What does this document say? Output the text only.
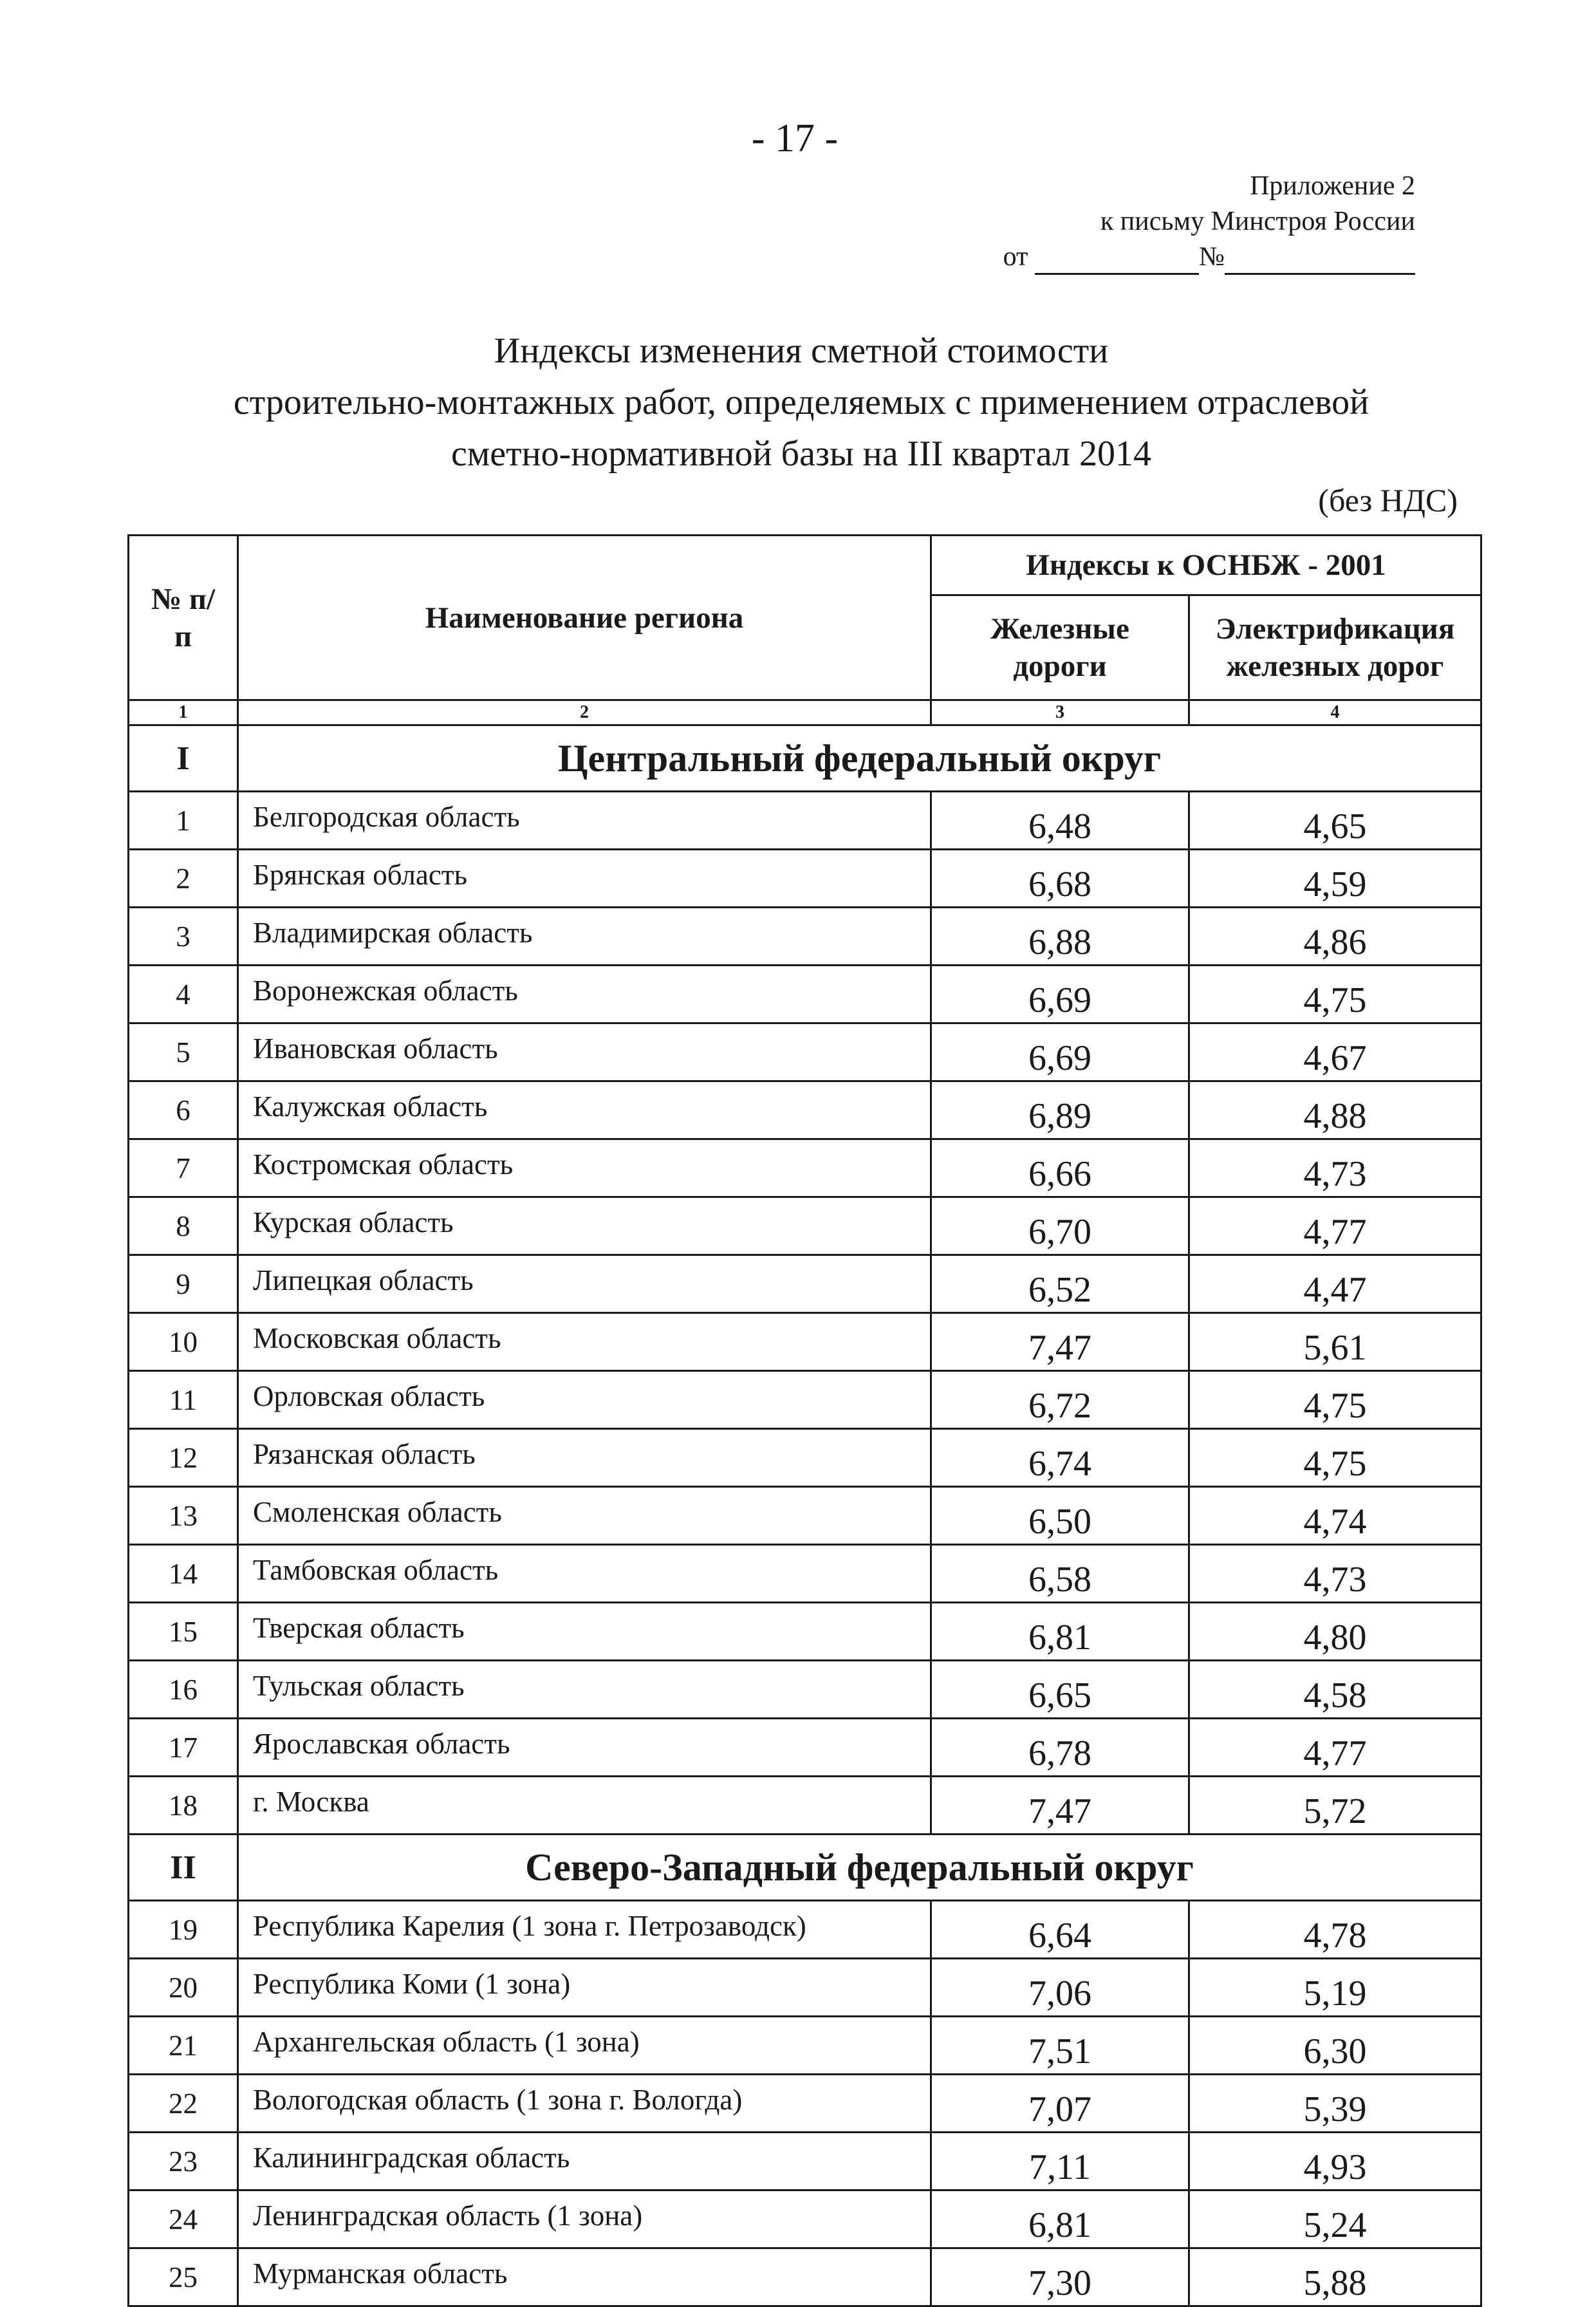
- 17 -
Приложение 2
к письму Минстроя России
от	№
Индексы изменения сметной стоимости
строительно-монтажных работ, определяемых с применением отраслевой
сметно-нормативной базы на III квартал 2014
(без НДС)
№ п/п	Наименование региона	Индексы к ОСНБЖ - 2001	
		Железные дороги	Электрификация железных дорог
1	2	3	4
I	Центральный федеральный округ		
1	Белгородская область	6,48	4,65
2	Брянская область	6,68	4,59
3	Владимирская область	6,88	4,86
4	Воронежская область	6,69	4,75
5	Ивановская область	6,69	4,67
6	Калужская область	6,89	4,88
7	Костромская область	6,66	4,73
8	Курская область	6,70	4,77
9	Липецкая область	6,52	4,47
10	Московская область	7,47	5,61
11	Орловская область	6,72	4,75
12	Рязанская область	6,74	4,75
13	Смоленская область	6,50	4,74
14	Тамбовская область	6,58	4,73
15	Тверская область	6,81	4,80
16	Тульская область	6,65	4,58
17	Ярославская область	6,78	4,77
18	г. Москва	7,47	5,72
II	Северо-Западный федеральный округ		
19	Республика Карелия (1 зона г. Петрозаводск)	6,64	4,78
20	Республика Коми (1 зона)	7,06	5,19
21	Архангельская область (1 зона)	7,51	6,30
22	Вологодская область (1 зона г. Вологда)	7,07	5,39
23	Калининградская область	7,11	4,93
24	Ленинградская область (1 зона)	6,81	5,24
25	Мурманская область	7,30	5,88
